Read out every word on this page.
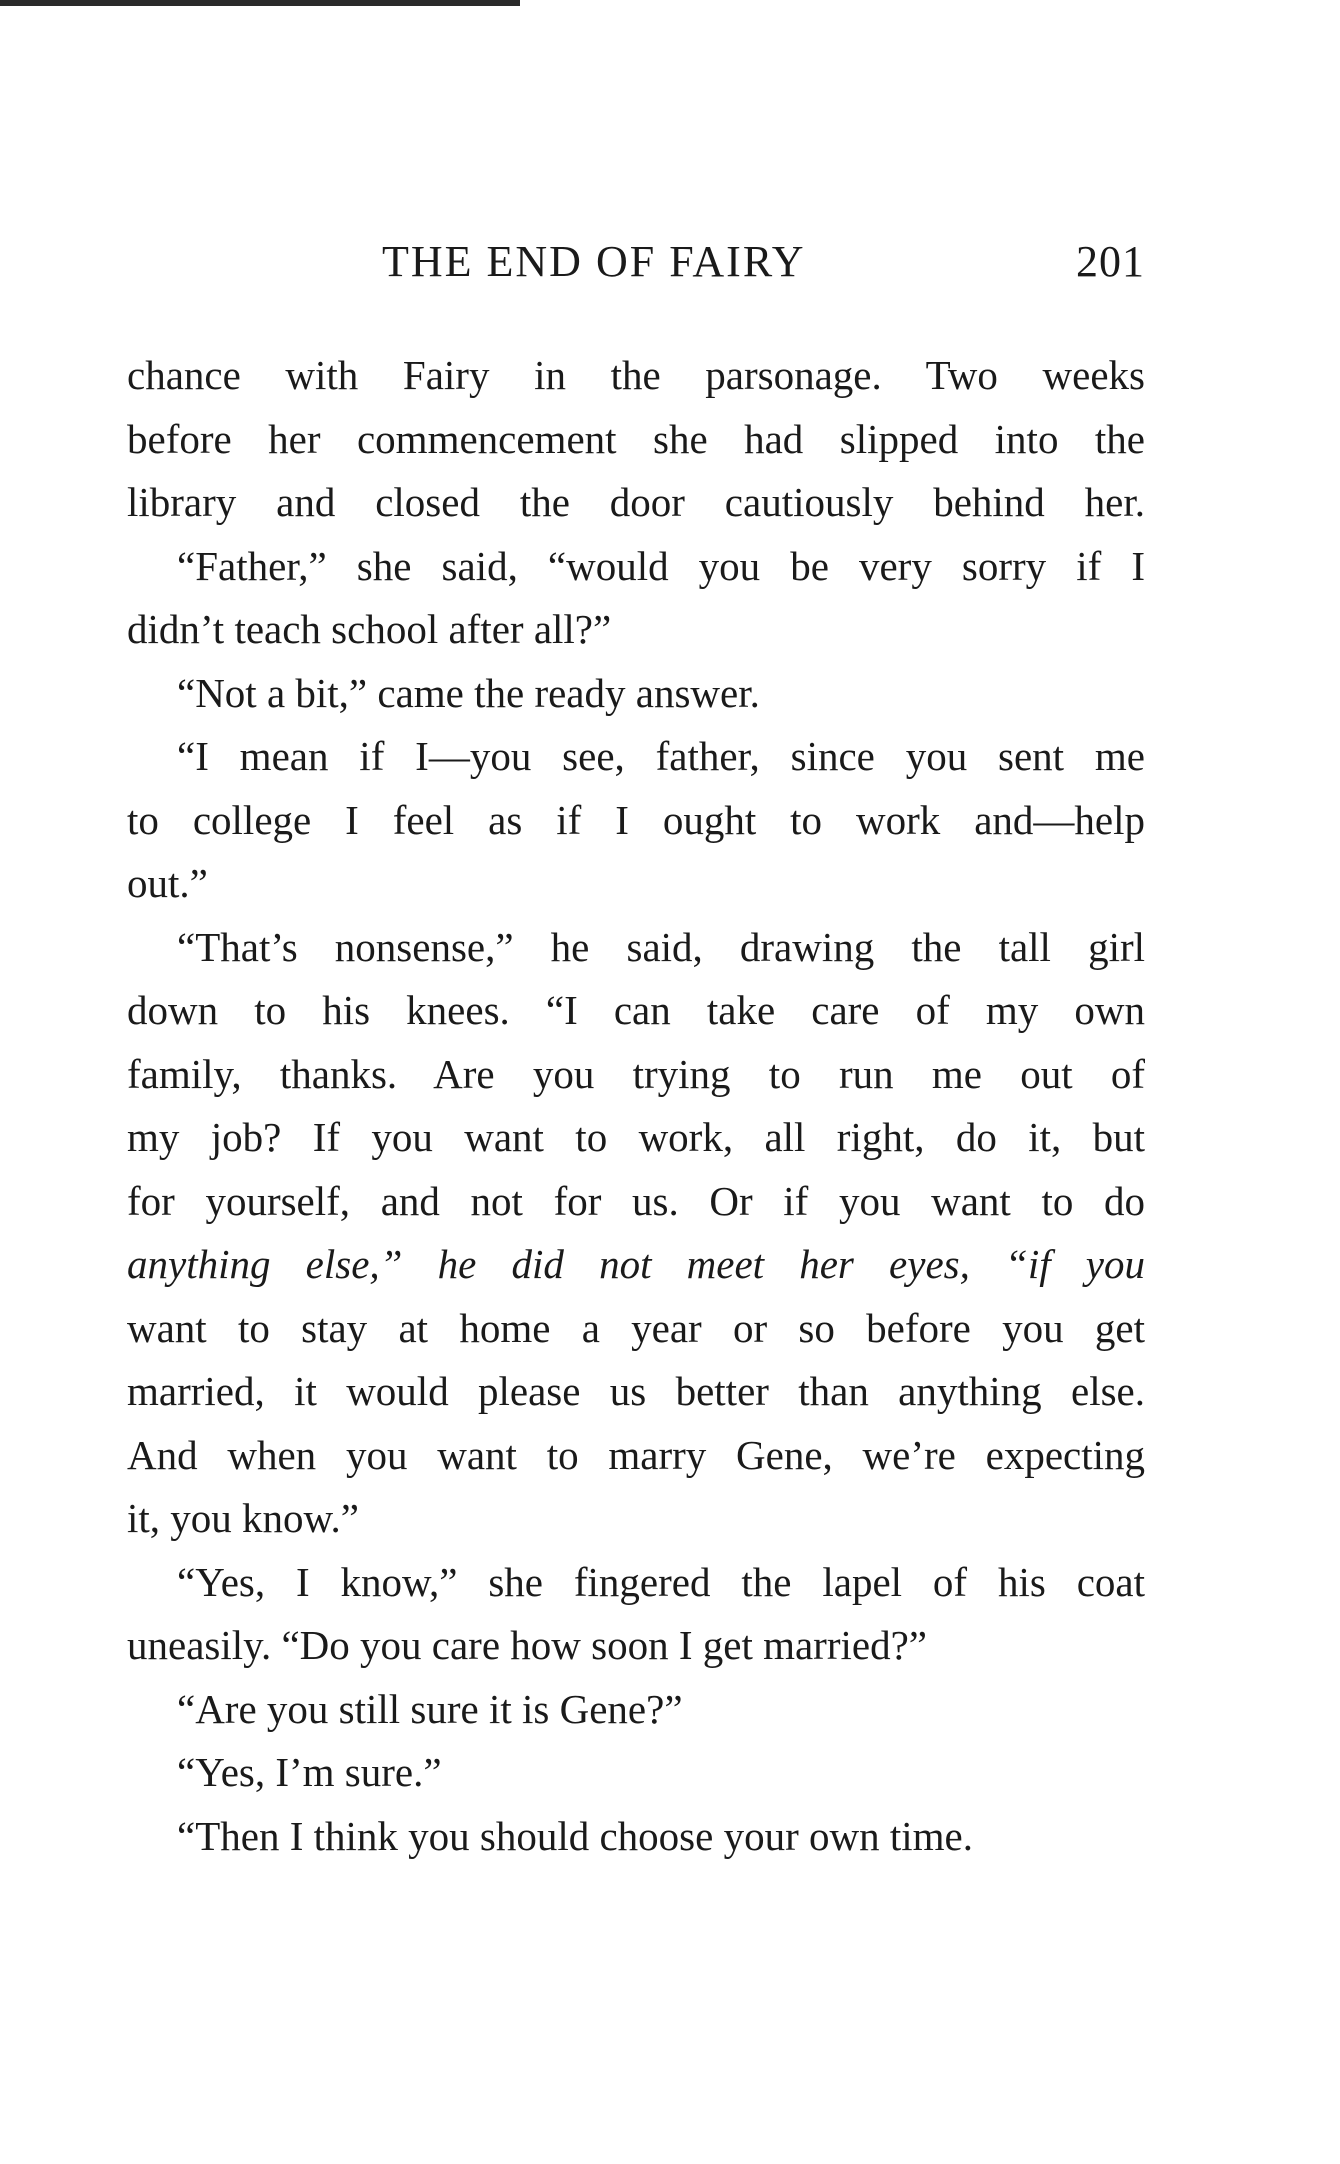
THE END OF FAIRY	201
chance with Fairy in the parsonage. Two weeks
before her commencement she had slipped into the
library and closed the door cautiously behind her.
“Father,” she said, “would you be very sorry if I
didn’t teach school after all?”
“Not a bit,” came the ready answer.
“I mean if I—you see, father, since you sent me
to college I feel as if I ought to work and—help
out.”
“That’s nonsense,” he said, drawing the tall girl
down to his knees. “I can take care of my own
family, thanks. Are you trying to run me out of
my job? If you want to work, all right, do it, but
for yourself, and not for us. Or if you want to do
anything else,” he did not meet her eyes, “if you
want to stay at home a year or so before you get
married, it would please us better than anything else.
And when you want to marry Gene, we’re expecting
it, you know.”
“Yes, I know,” she fingered the lapel of his coat
uneasily. “Do you care how soon I get married?”
“Are you still sure it is Gene?”
“Yes, I’m sure.”
“Then I think you should choose your own time.
